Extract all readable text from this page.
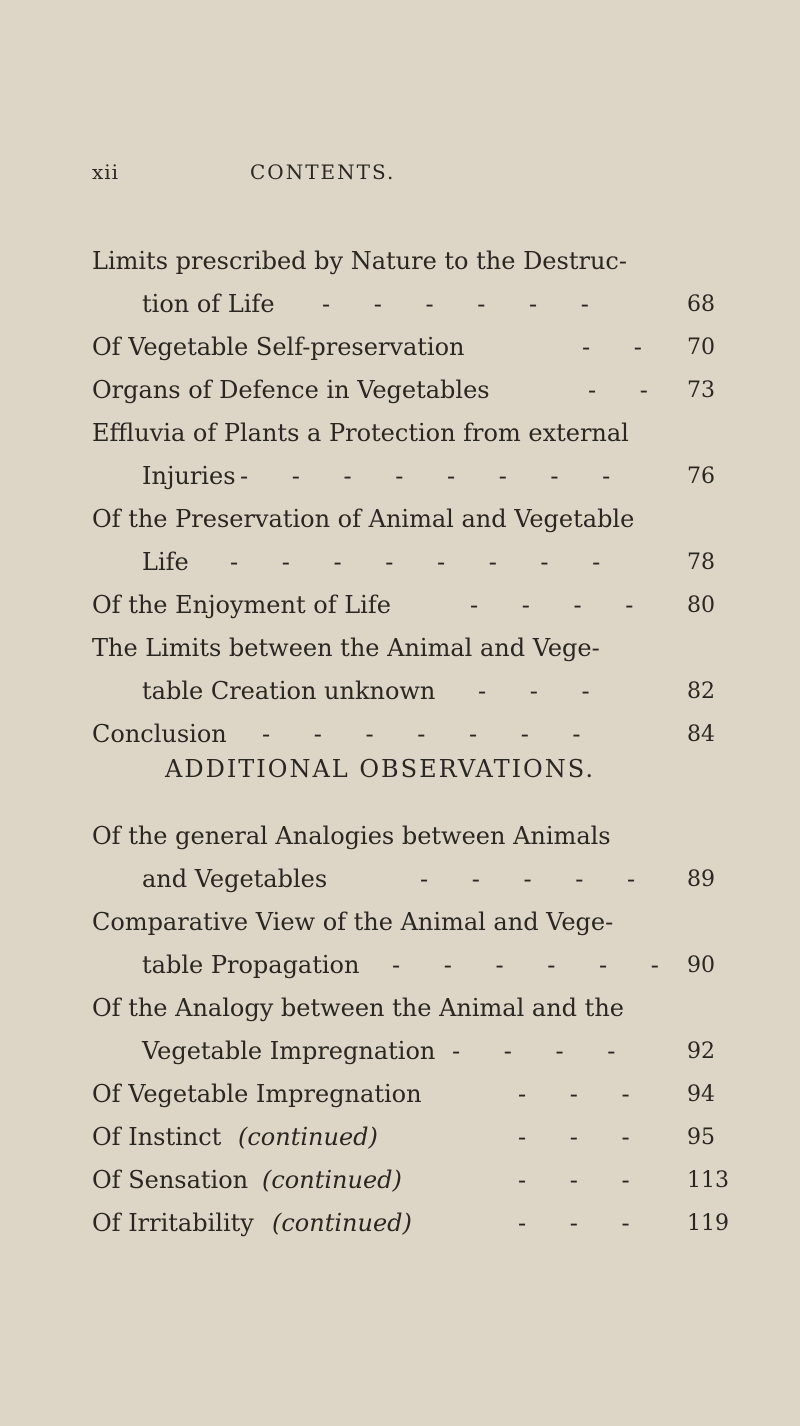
xii	CONTENTS.
Limits prescribed by Nature to the Destruc-
tion of Life - - - - - -	68
Of Vegetable Self-preservation	- - 70
Organs of Defence in Vegetables	- - 73
Effluvia of Plants a Protection from external
Injuries - - - - - - - -	76
Of the Preservation of Animal and Vegetable
Life - - - - - - - -	78
Of the Enjoyment of Life	- - - - 80
The Limits between the Animal and Vege-
table Creation unknown - - -	82
Conclusion - - - - - - -	84
ADDITIONAL OBSERVATIONS.
Of the general Analogies between Animals
and Vegetables	- - - - - 89
Comparative View of the Animal and Vege-
table Propagation - - - - - - 90
Of the Analogy between the Animal and the
Vegetable Impregnation - - - - 92
Of Vegetable Impregnation	- - - 94
Of Instinct (continued)	- - - 95
Of Sensation (continued)	- - - 113
Of Irritability (continued)	- - - 119
